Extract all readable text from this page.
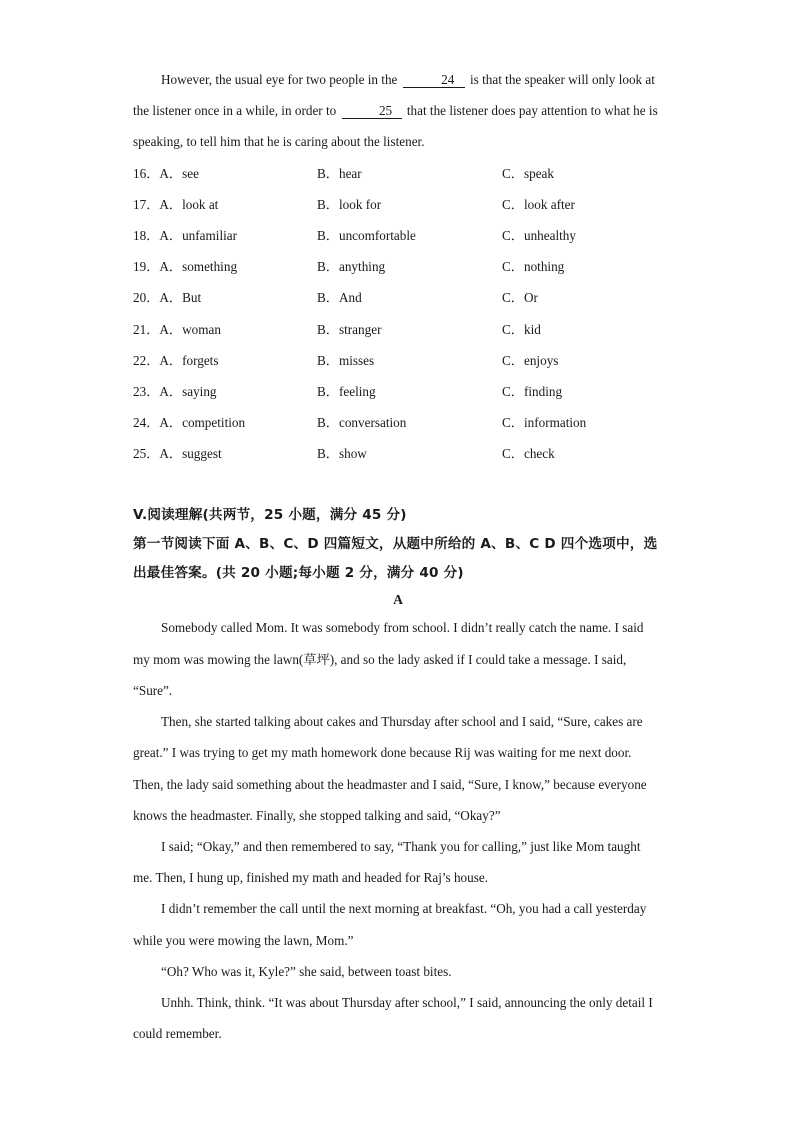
However, the usual eye for two people in the	24 is that the speaker will only look at the listener once in a while, in order to	25 that the listener does pay attention to what he is speaking, to tell him that he is caring about the listener.

16．A．see	B．hear	C．speak
17．A．look at	B．look for	C．look after
18．A．unfamiliar	B．uncomfortable	C．unhealthy
19．A．something	B．anything	C．nothing
20．A．But	B．And	C．Or
21．A．woman	B．stranger	C．kid
22．A．forgets	B．misses	C．enjoys
23．A．saying	B．feeling	C．finding
24．A．competition	B．conversation	C．information
25．A．suggest	B．show	C．check
V.阅读理解(共两节，25 小题，满分 45 分)
第一节阅读下面 A、B、C、D 四篇短文，从题中所给的 A、B、C D 四个选项中，选出最佳答案。(共 20 小题;每小题 2 分，满分 40 分)

A

Somebody called Mom. It was somebody from school. I didn’t really catch the name. I said my mom was mowing the lawn(草坪), and so the lady asked if I could take a message. I said, “Sure”.

Then, she started talking about cakes and Thursday after school and I said, “Sure, cakes are great.” I was trying to get my math homework done because Rij was waiting for me next door. Then, the lady said something about the headmaster and I said, “Sure, I know,” because everyone knows the headmaster. Finally, she stopped talking and said, “Okay?”

I said; “Okay,” and then remembered to say, “Thank you for calling,” just like Mom taught me. Then, I hung up, finished my math and headed for Raj’s house.

I didn’t remember the call until the next morning at breakfast. “Oh, you had a call yesterday while you were mowing the lawn, Mom.”

“Oh? Who was it, Kyle?” she said, between toast bites.

Unhh. Think, think. “It was about Thursday after school,” I said, announcing the only detail I could remember.
